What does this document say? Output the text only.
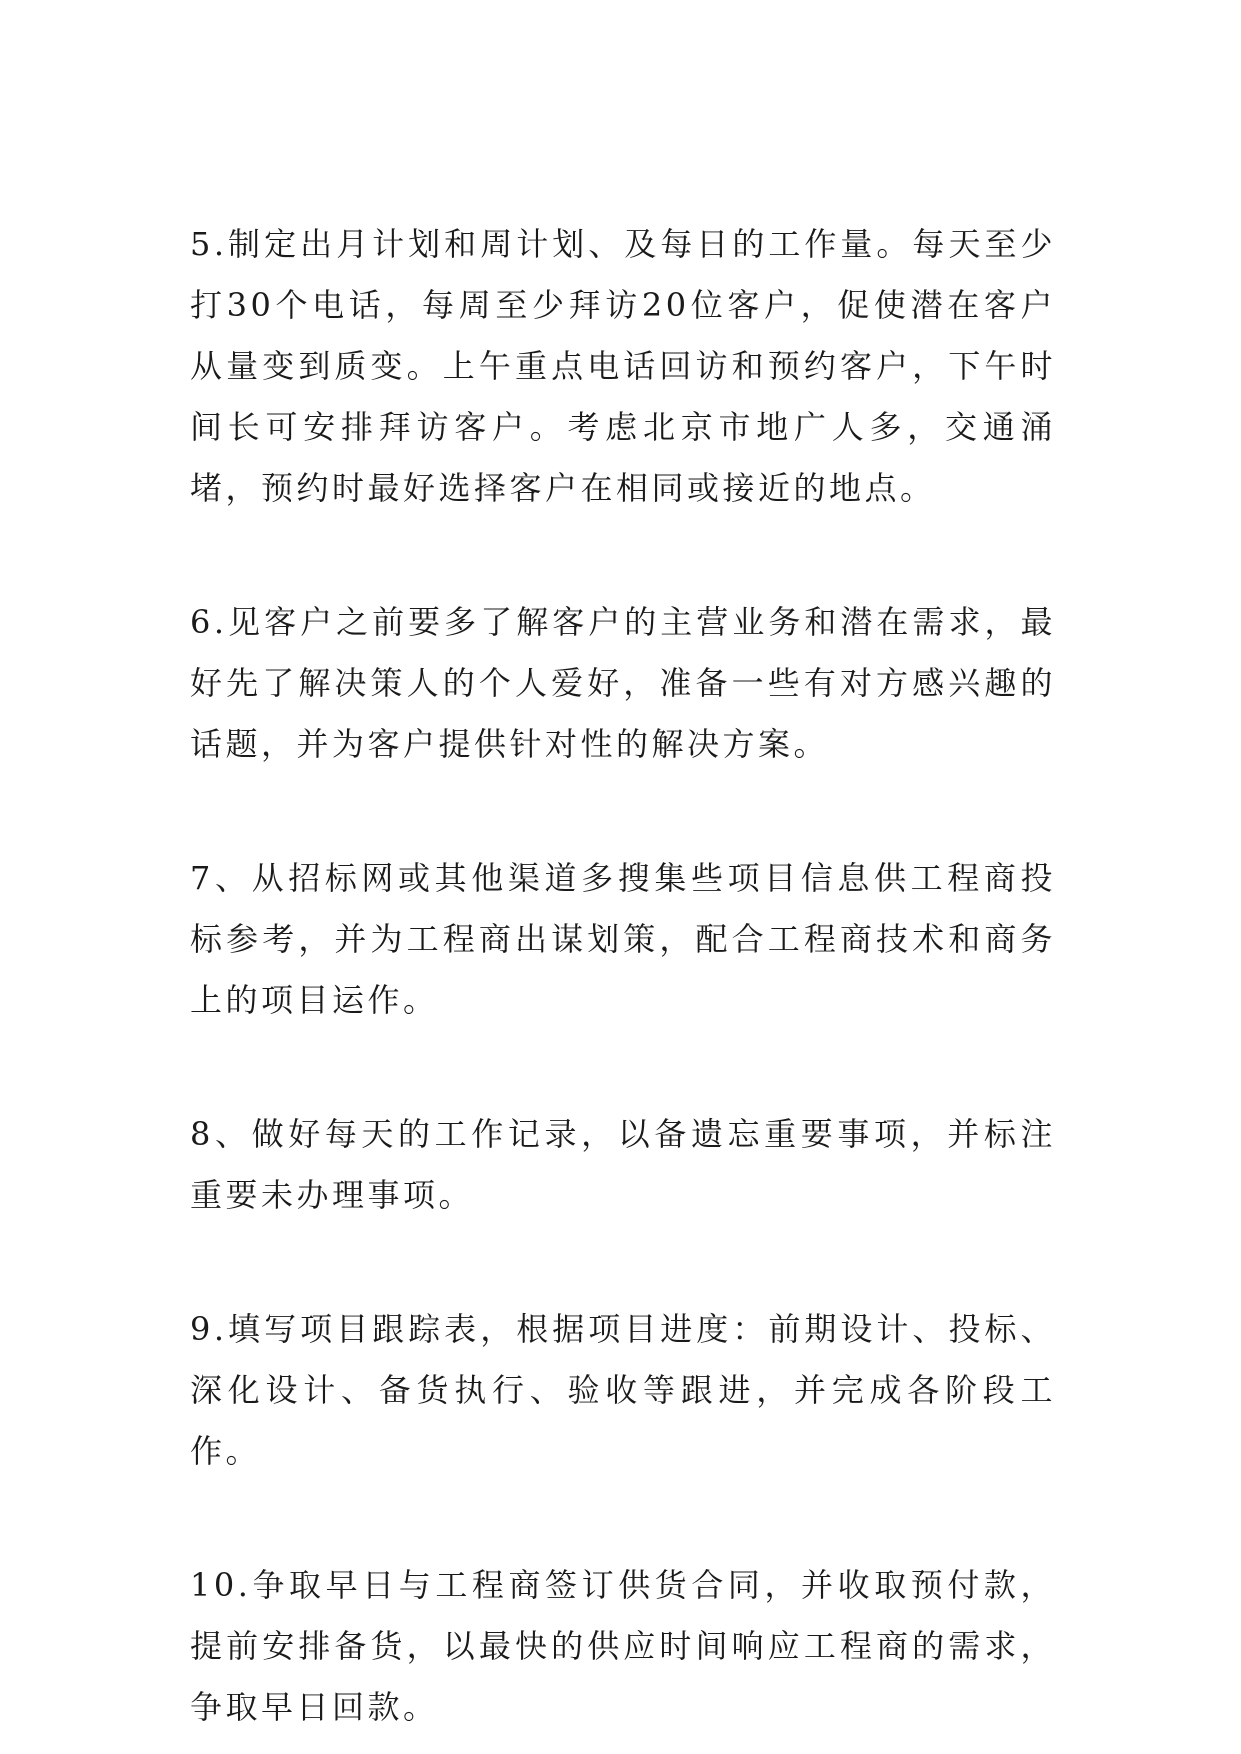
5.制定出月计划和周计划、及每日的工作量。每天至少打30个电话，每周至少拜访20位客户，促使潜在客户从量变到质变。上午重点电话回访和预约客户，下午时间长可安排拜访客户。考虑北京市地广人多，交通涌堵，预约时最好选择客户在相同或接近的地点。

6.见客户之前要多了解客户的主营业务和潜在需求，最好先了解决策人的个人爱好，准备一些有对方感兴趣的话题，并为客户提供针对性的解决方案。

7、从招标网或其他渠道多搜集些项目信息供工程商投标参考，并为工程商出谋划策，配合工程商技术和商务上的项目运作。

8、做好每天的工作记录，以备遗忘重要事项，并标注重要未办理事项。

9.填写项目跟踪表，根据项目进度：前期设计、投标、深化设计、备货执行、验收等跟进，并完成各阶段工作。

10.争取早日与工程商签订供货合同，并收取预付款，提前安排备货，以最快的供应时间响应工程商的需求，争取早日回款。
